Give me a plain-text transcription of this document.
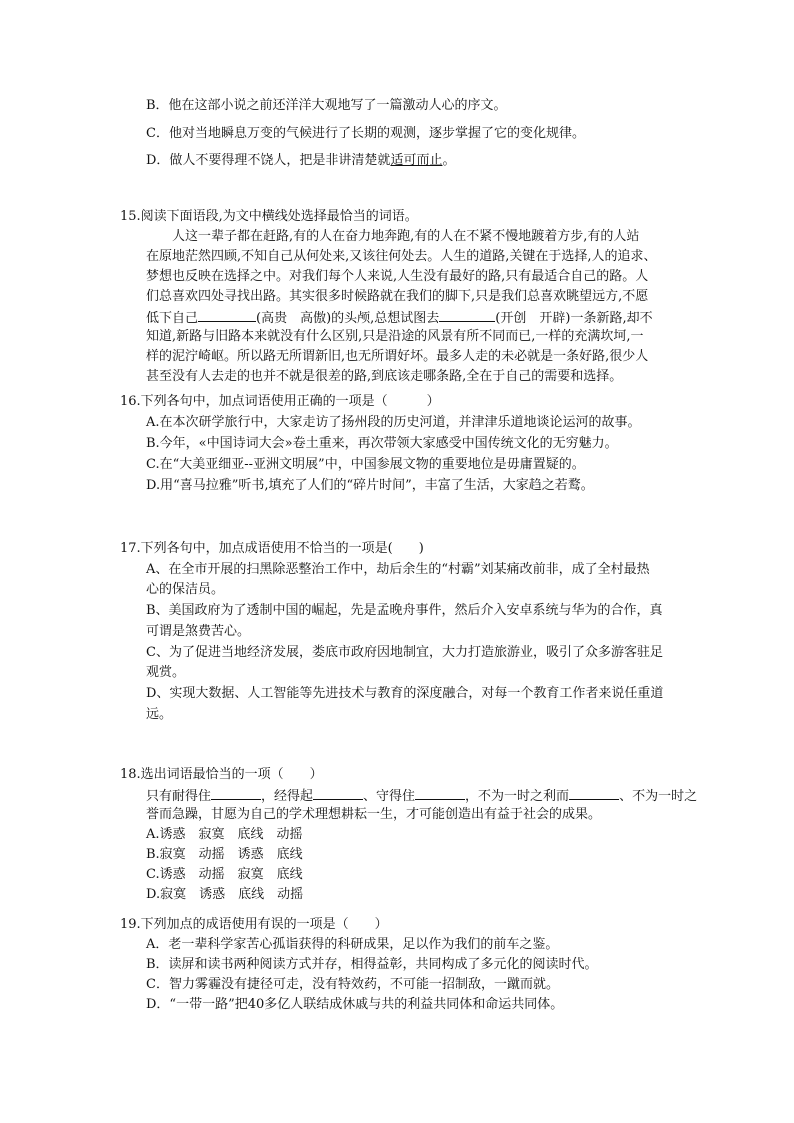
B．他在这部小说之前还洋洋大观地写了一篇激动人心的序文。
C．他对当地瞬息万变的气候进行了长期的观测，逐步掌握了它的变化规律。
D．做人不要得理不饶人，把是非讲清楚就适可而止。
15.阅读下面语段,为文中横线处选择最恰当的词语。
人这一辈子都在赶路,有的人在奋力地奔跑,有的人在不紧不慢地踱着方步,有的人站
在原地茫然四顾,不知自己从何处来,又该往何处去。人生的道路,关键在于选择,人的追求、
梦想也反映在选择之中。对我们每个人来说,人生没有最好的路,只有最适合自己的路。人
们总喜欢四处寻找出路。其实很多时候路就在我们的脚下,只是我们总喜欢眺望远方,不愿
低下自己	(高贵　高傲)的头颅,总想试图去	(开创　开辟)一条新路,却不
知道,新路与旧路本来就没有什么区别,只是沿途的风景有所不同而已,一样的充满坎坷,一
样的泥泞崎岖。所以路无所谓新旧,也无所谓好坏。最多人走的未必就是一条好路,很少人
甚至没有人去走的也并不就是很差的路,到底该走哪条路,全在于自己的需要和选择。
16.下列各句中，加点词语使用正确的一项是（　　　）
A.在本次研学旅行中，大家走访了扬州段的历史河道，并津津乐道地谈论运河的故事。
B.今年，«中国诗词大会»卷土重来，再次带领大家感受中国传统文化的无穷魅力。
C.在“大美亚细亚--亚洲文明展”中，中国参展文物的重要地位是毋庸置疑的。
D.用“喜马拉雅”听书,填充了人们的“碎片时间”，丰富了生活，大家趋之若鹜。
17.下列各句中，加点成语使用不恰当的一项是(　　)
A、在全市开展的扫黑除恶整治工作中，劫后余生的“村霸”刘某痛改前非，成了全村最热
心的保洁员。
B、美国政府为了透制中国的崛起，先是孟晚舟事件，然后介入安卓系统与华为的合作，真
可谓是煞费苦心。
C、为了促进当地经济发展，娄底市政府因地制宜，大力打造旅游业，吸引了众多游客驻足
观赏。
D、实现大数据、人工智能等先进技术与教育的深度融合，对每一个教育工作者来说任重道
远。
18.选出词语最恰当的一项（　　）
只有耐得住	，经得起	、守得住	，不为一时之利而	、不为一时之
誉而急躁，甘愿为自己的学术理想耕耘一生，才可能创造出有益于社会的成果。
A.诱惑　寂寞　底线　动摇
B.寂寞　动摇　诱惑　底线
C.诱惑　动摇　寂寞　底线
D.寂寞　诱惑　底线　动摇
19.下列加点的成语使用有误的一项是（　　）
A．老一辈科学家苦心孤诣获得的科研成果，足以作为我们的前车之鉴。
B．读屏和读书两种阅读方式并存，相得益彰，共同构成了多元化的阅读时代。
C．智力雾霾没有捷径可走，没有特效药，不可能一招制敌，一蹴而就。
D．“一带一路”把40多亿人联结成休戚与共的利益共同体和命运共同体。
